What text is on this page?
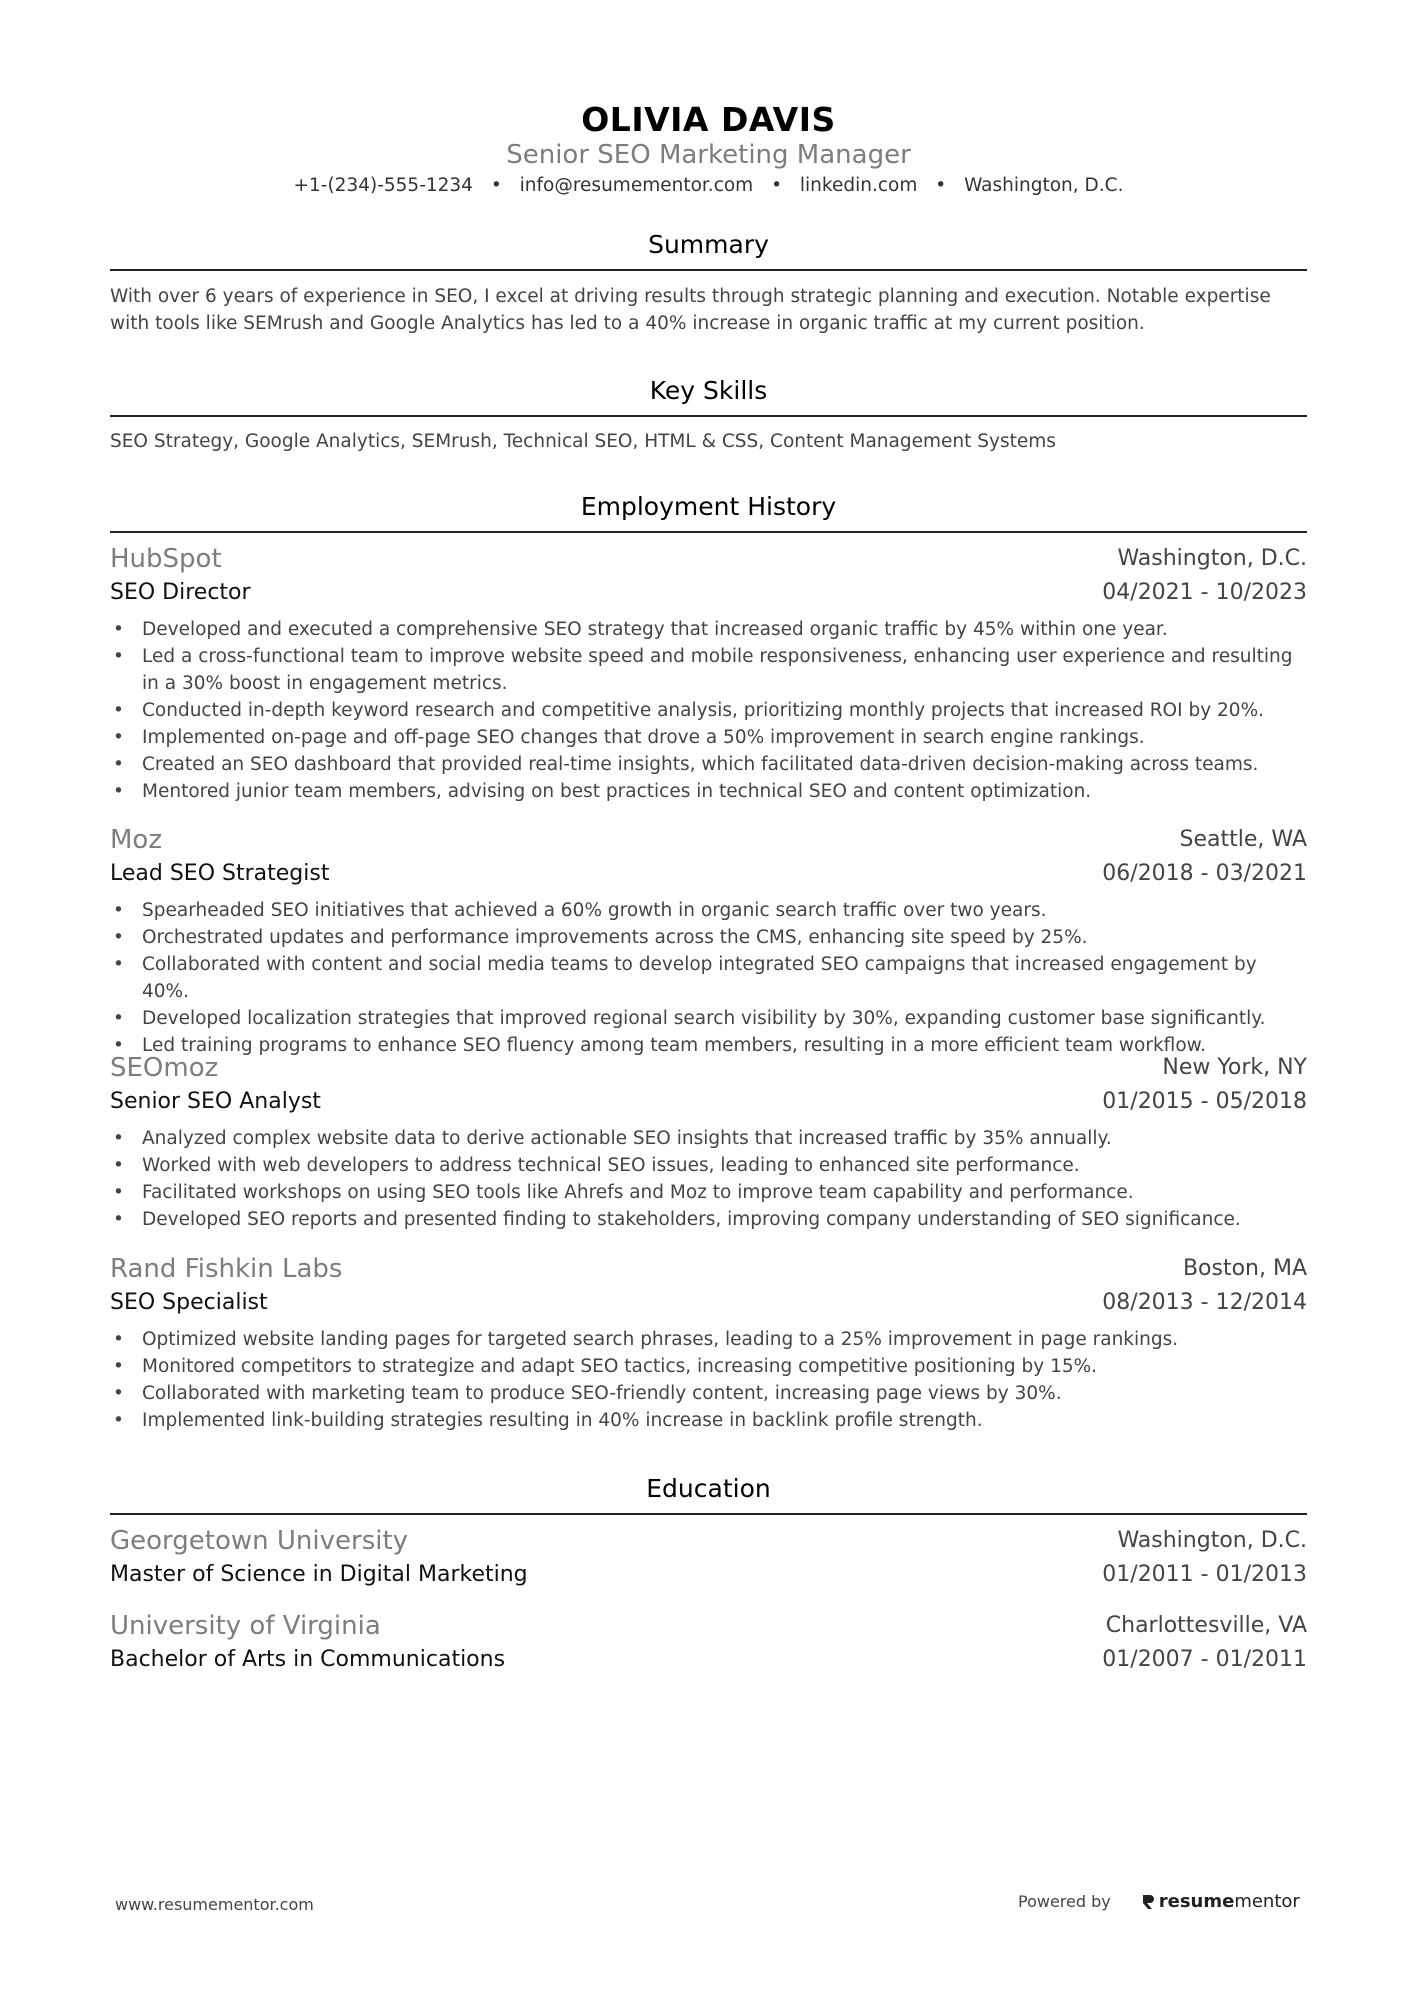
OLIVIA DAVIS
Senior SEO Marketing Manager
+1-(234)-555-1234 • info@resumementor.com • linkedin.com • Washington, D.C.
Summary
With over 6 years of experience in SEO, I excel at driving results through strategic planning and execution. Notable expertise with tools like SEMrush and Google Analytics has led to a 40% increase in organic traffic at my current position.
Key Skills
SEO Strategy, Google Analytics, SEMrush, Technical SEO, HTML & CSS, Content Management Systems
Employment History
HubSpot	Washington, D.C.
SEO Director	04/2021 - 10/2023
• Developed and executed a comprehensive SEO strategy that increased organic traffic by 45% within one year.
• Led a cross-functional team to improve website speed and mobile responsiveness, enhancing user experience and resulting in a 30% boost in engagement metrics.
• Conducted in-depth keyword research and competitive analysis, prioritizing monthly projects that increased ROI by 20%.
• Implemented on-page and off-page SEO changes that drove a 50% improvement in search engine rankings.
• Created an SEO dashboard that provided real-time insights, which facilitated data-driven decision-making across teams.
• Mentored junior team members, advising on best practices in technical SEO and content optimization.
Moz	Seattle, WA
Lead SEO Strategist	06/2018 - 03/2021
• Spearheaded SEO initiatives that achieved a 60% growth in organic search traffic over two years.
• Orchestrated updates and performance improvements across the CMS, enhancing site speed by 25%.
• Collaborated with content and social media teams to develop integrated SEO campaigns that increased engagement by 40%.
• Developed localization strategies that improved regional search visibility by 30%, expanding customer base significantly.
• Led training programs to enhance SEO fluency among team members, resulting in a more efficient team workflow.
SEOmoz	New York, NY
Senior SEO Analyst	01/2015 - 05/2018
• Analyzed complex website data to derive actionable SEO insights that increased traffic by 35% annually.
• Worked with web developers to address technical SEO issues, leading to enhanced site performance.
• Facilitated workshops on using SEO tools like Ahrefs and Moz to improve team capability and performance.
• Developed SEO reports and presented finding to stakeholders, improving company understanding of SEO significance.
Rand Fishkin Labs	Boston, MA
SEO Specialist	08/2013 - 12/2014
• Optimized website landing pages for targeted search phrases, leading to a 25% improvement in page rankings.
• Monitored competitors to strategize and adapt SEO tactics, increasing competitive positioning by 15%.
• Collaborated with marketing team to produce SEO-friendly content, increasing page views by 30%.
• Implemented link-building strategies resulting in 40% increase in backlink profile strength.
Education
Georgetown University	Washington, D.C.
Master of Science in Digital Marketing	01/2011 - 01/2013
University of Virginia	Charlottesville, VA
Bachelor of Arts in Communications	01/2007 - 01/2011
www.resumementor.com	Powered by	resume mentor
